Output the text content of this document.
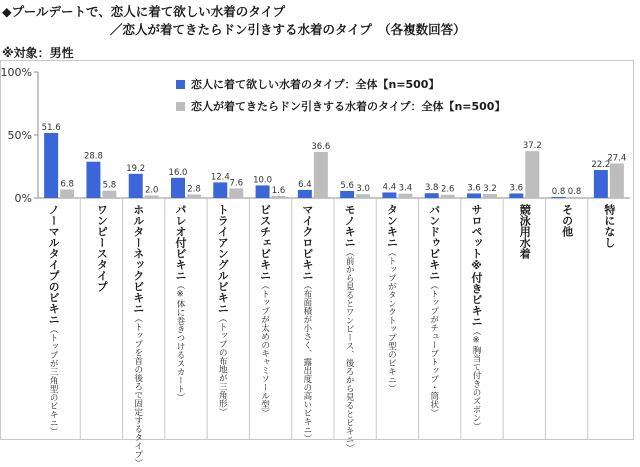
◆プールデートで、恋人に着て欲しい水着のタイプ
／恋人が着てきたらドン引きする水着のタイプ　（各複数回答）
※対象：男性
恋人に着て欲しい水着のタイプ：全体【n=500】
恋人が着てきたらドン引きする水着のタイプ：全体【n=500】
0%
50%
100%
51.6
28.8
19.2	16.0	12.4	10.0	6.4	5.6	4.4	3.8	3.6	3.6	0.8
22.2
6.8	5.8	2.0	2.8
7.6
1.6
36.6
3.0	3.4	2.6	3.2
37.2
0.8
27.4
ノーマルタイプのビキニ（トップが三角型のビキニ）
ワンピースタイプ ホルターネックビキニ（トップを首の後ろで固定するタイプ）
パレオ付ビキニ（※体に巻きつけるスカート）
トライアングルビキニ（トップの布地が三角形）
ビスチェビキニ（トップが太めのキャミソール型）
マイクロビキニ（布面積が小さく、露出度の高いビキニ）
モノキニ（前から見るとワンピース、後ろから見るとビキニ）
タンキニ（トップがタンクトップ型のビキニ）
バンドゥビキニ（トップがチューブトップ・筒状）
サロペット※付きビキニ（※胸当て付きのズボン）
競泳用水着	その他	特になし
